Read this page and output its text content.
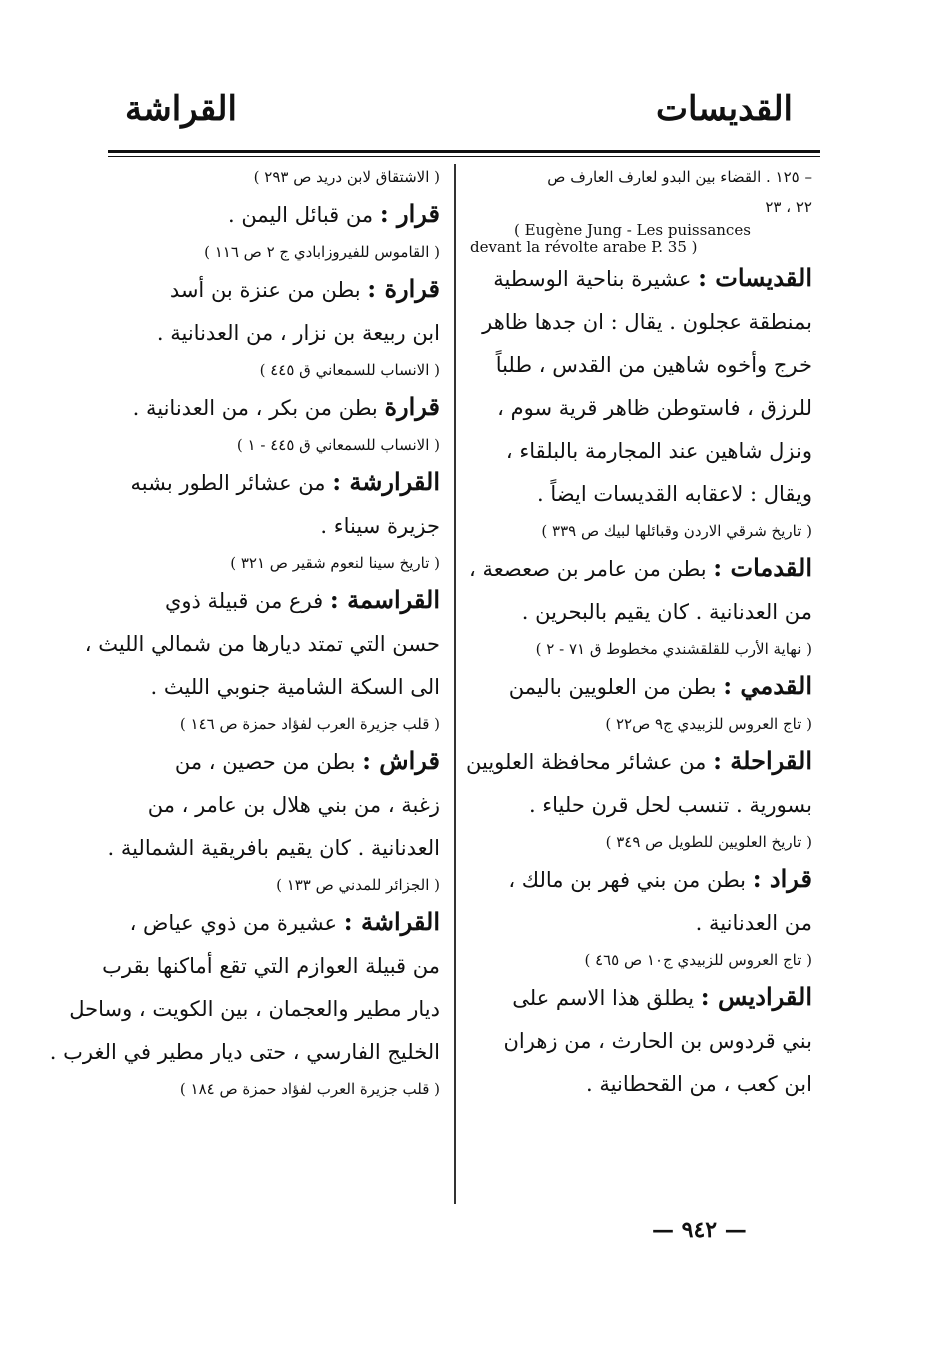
القديسات
القراشة
– ١٢٥ . القضاء بين البدو لعارف العارف ص
٢٢ ، ٢٣
( Eugène Jung - Les puissances
devant la révolte arabe P. 35 )
القديسات : عشيرة بناحية الوسطية
بمنطقة عجلون . يقال : ان جدها ظاهر
خرج وأخوه شاهين من القدس ، طلباً
للرزق ، فاستوطن ظاهر قرية سوم ،
ونزل شاهين عند المجارمة بالبلقاء ،
ويقال : لاعقابه القديسات ايضاً .
( تاريخ شرقي الاردن وقبائلها لبيك ص ٣٣٩ )
القدمات : بطن من عامر بن صعصعة ،
من العدنانية . كان يقيم بالبحرين .
( نهاية الأرب للقلقشندي مخطوط ق ٧١ - ٢ )
القدمي : بطن من العلويين باليمن
( تاج العروس للزبيدي ج٩ ص٢٢ )
القراحلة : من عشائر محافظة العلويين
بسورية . تنسب لحل قرن حلياء .
( تاريخ العلويين للطويل ص ٣٤٩ )
قراد : بطن من بني فهر بن مالك ،
من العدنانية .
( تاج العروس للزبيدي ج١٠ ص ٤٦٥ )
القراديس : يطلق هذا الاسم على
بني قردوس بن الحارث ، من زهران
ابن كعب ، من القحطانية .
( الاشتقاق لابن دريد ص ٢٩٣ )
قرار : من قبائل اليمن .
( القاموس للفيروزابادي ج ٢ ص ١١٦ )
قرارة : بطن من عنزة بن أسد
ابن ربيعة بن نزار ، من العدنانية .
( الانساب للسمعاني ق ٤٤٥ )
قرارة بطن من بكر ، من العدنانية .
( الانساب للسمعاني ق ٤٤٥ - ١ )
القرارشة : من عشائر الطور بشبه
جزيرة سيناء .
( تاريخ سينا لنعوم شقير ص ٣٢١ )
القراسمة : فرع من قبيلة ذوي
حسن التي تمتد ديارها من شمالي الليث ،
الى السكة الشامية جنوبي الليث .
( قلب جزيرة العرب لفؤاد حمزة ص ١٤٦ )
قراش : بطن من حصين ، من
زغبة ، من بني هلال بن عامر ، من
العدنانية . كان يقيم بافريقية الشمالية .
( الجزائر للمدني ص ١٣٣ )
القراشة : عشيرة من ذوي عياض ،
من قبيلة العوازم التي تقع أماكنها بقرب
ديار مطير والعجمان ، بين الكويت ، وساحل
الخليج الفارسي ، حتى ديار مطير في الغرب .
( قلب جزيرة العرب لفؤاد حمزة ص ١٨٤ )
— ٩٤٢ —
